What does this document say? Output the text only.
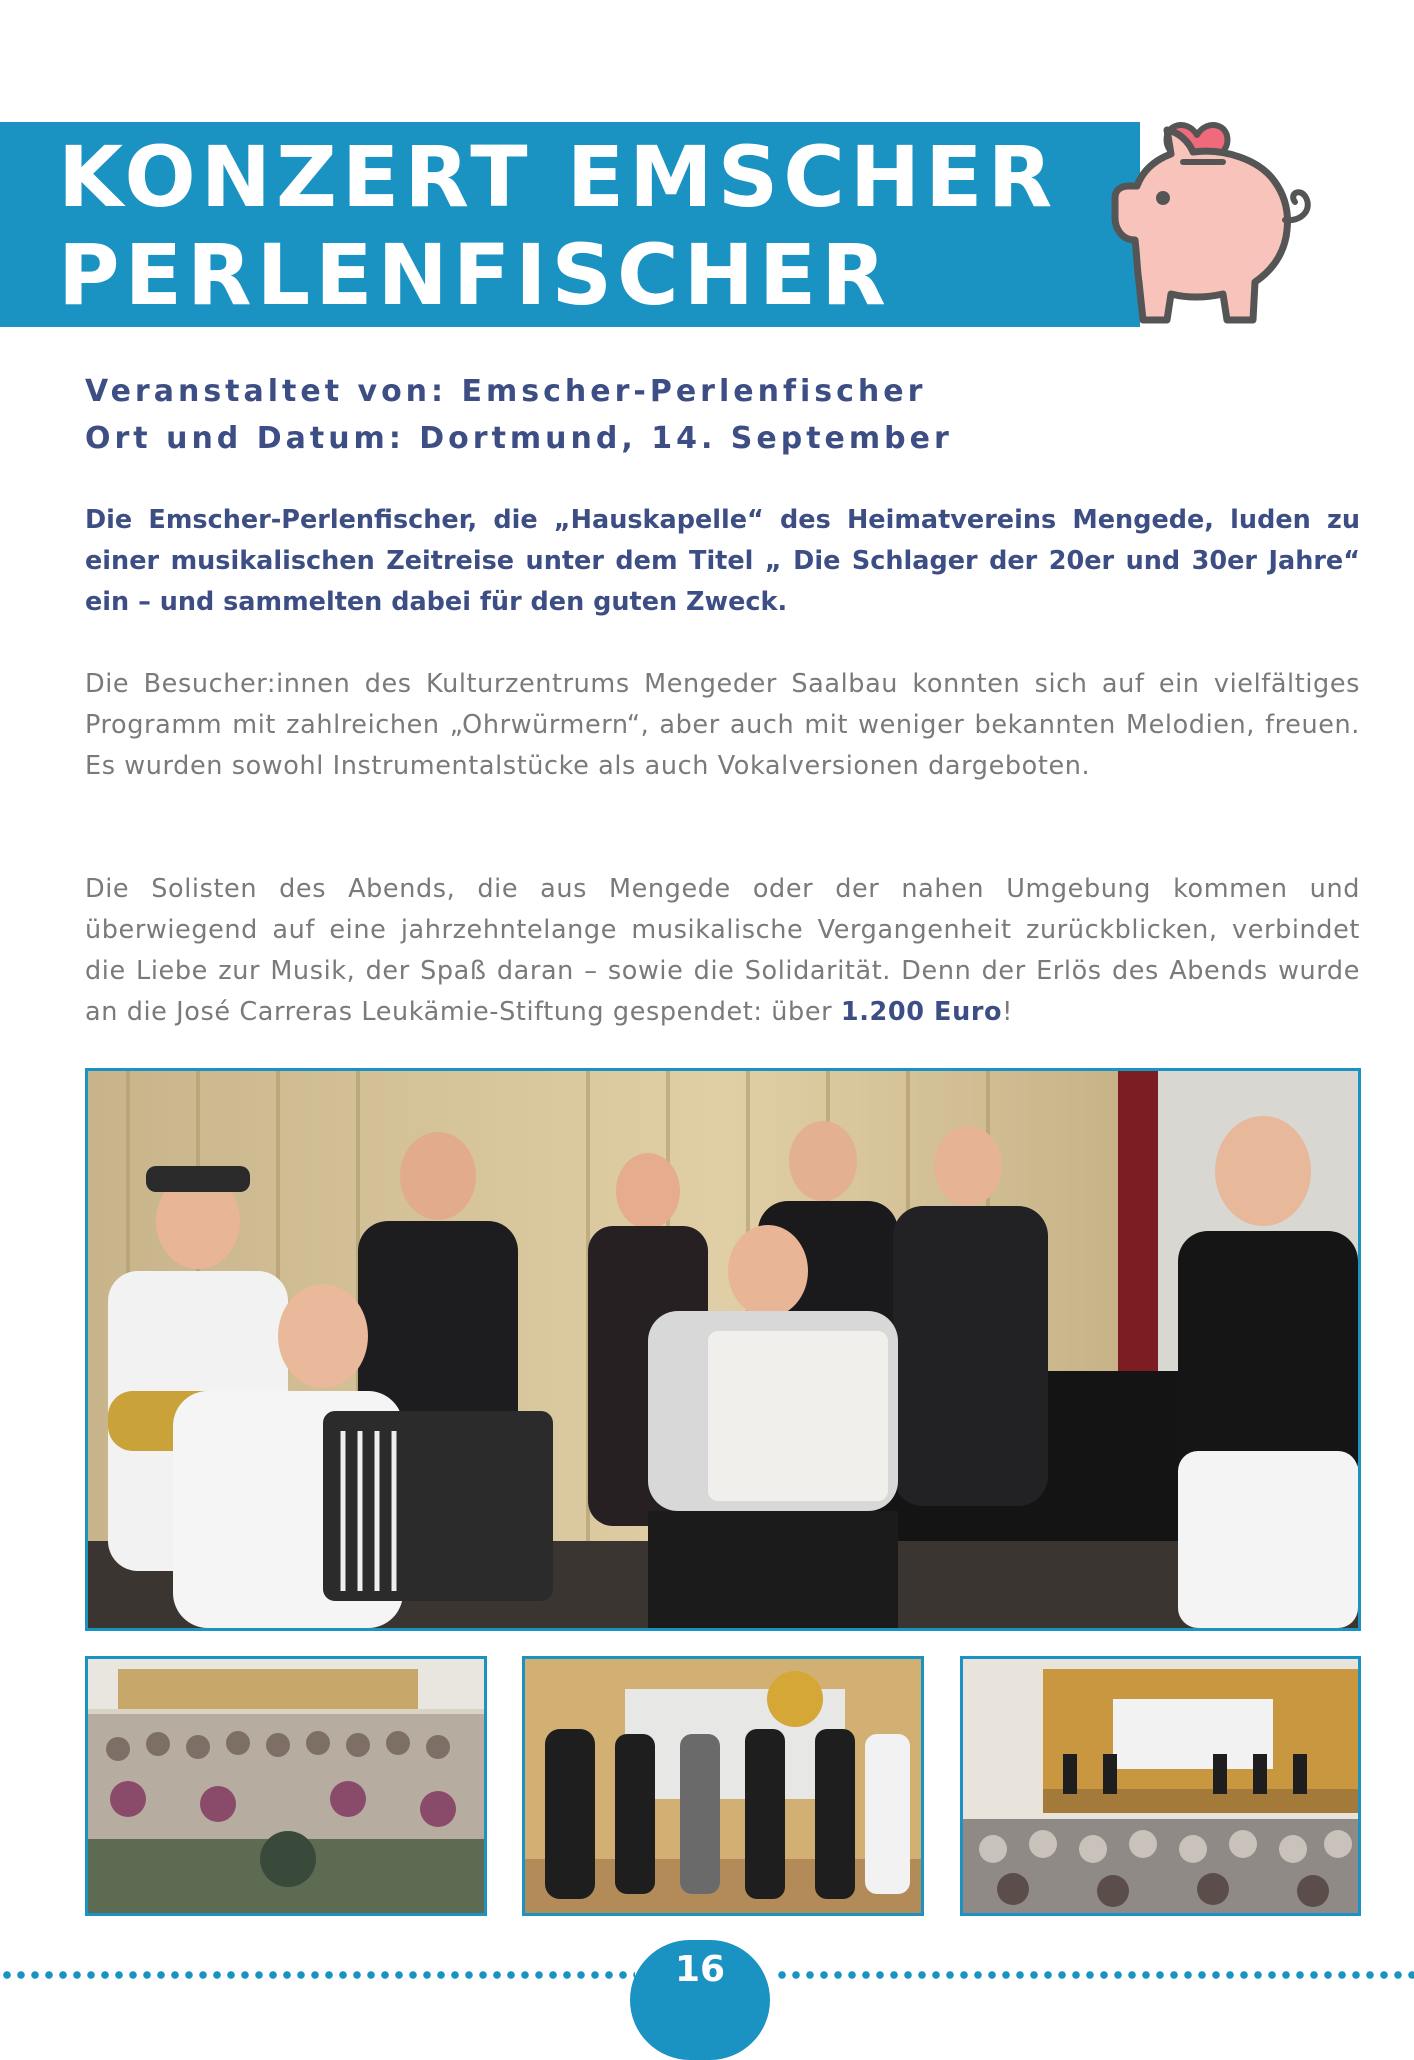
KONZERT EMSCHER
PERLENFISCHER
Veranstaltet von: Emscher-Perlenfischer
Ort und Datum: Dortmund, 14. September

Die Emscher-Perlenfischer, die „Hauskapelle“ des Heimatvereins Mengede, luden zu einer musikalischen Zeitreise unter dem Titel „ Die Schlager der 20er und 30er Jahre“ ein – und sammelten dabei für den guten Zweck.

Die Besucher:innen des Kulturzentrums Mengeder Saalbau konnten sich auf ein vielfältiges Programm mit zahlreichen „Ohrwürmern“, aber auch mit weniger bekannten Melodien, freuen. Es wurden sowohl Instrumentalstücke als auch Vokalversionen dargeboten.

Die Solisten des Abends, die aus Mengede oder der nahen Umgebung kommen und überwiegend auf eine jahrzehntelange musikalische Vergangenheit zurückblicken, verbindet die Liebe zur Musik, der Spaß daran – sowie die Solidarität. Denn der Erlös des Abends wurde an die José Carreras Leukämie-Stiftung gespendet: über 1.200 Euro!

16
